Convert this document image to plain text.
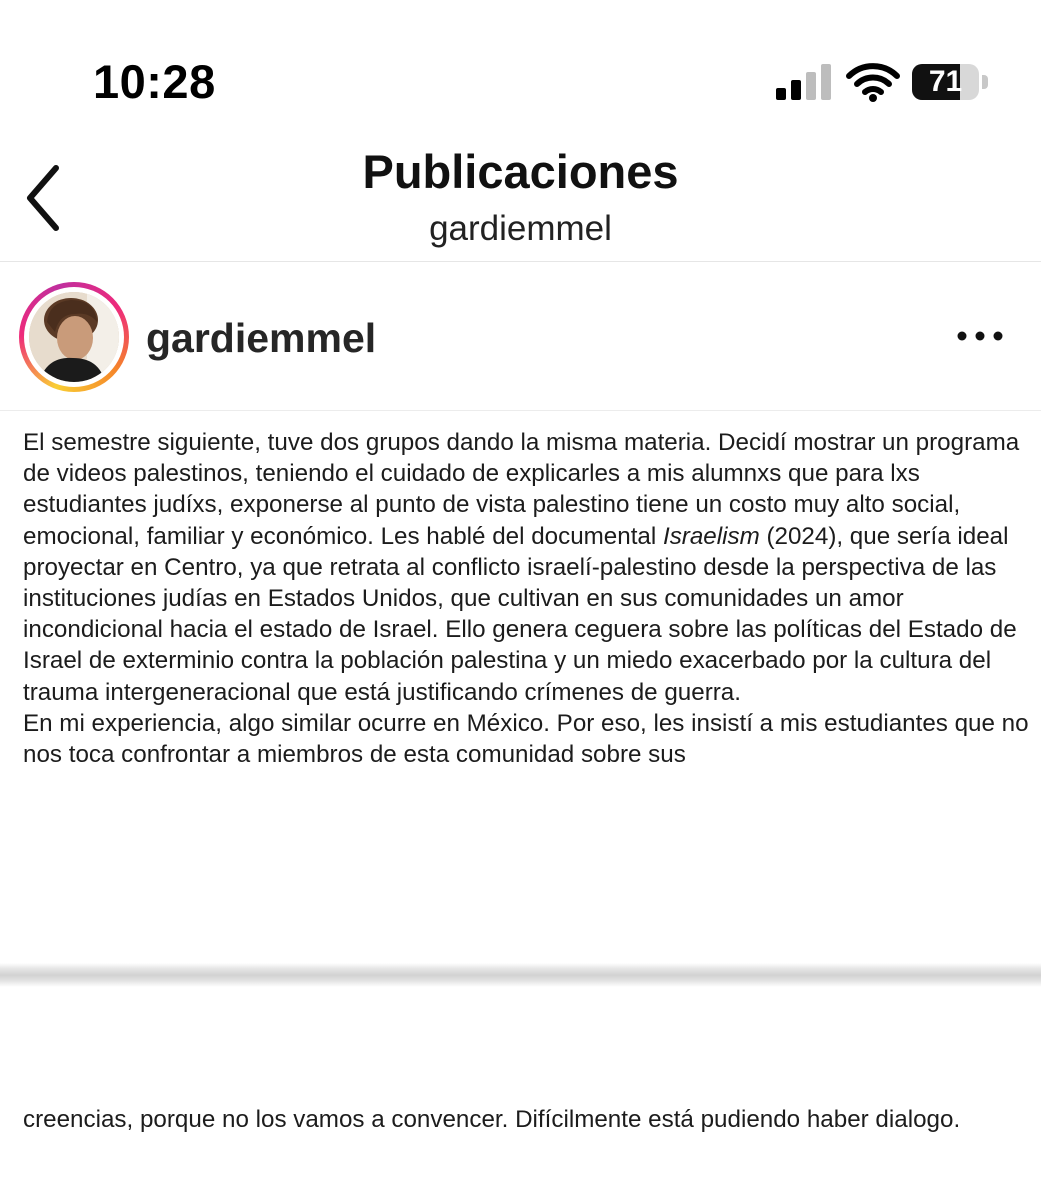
10:28	71
Publicaciones
gardiemmel
gardiemmel

El semestre siguiente, tuve dos grupos dando la misma materia. Decidí mostrar un programa de videos palestinos, teniendo el cuidado de explicarles a mis alumnxs que para lxs estudiantes judíxs, exponerse al punto de vista palestino tiene un costo muy alto social, emocional, familiar y económico. Les hablé del documental Israelism (2024), que sería ideal proyectar en Centro, ya que retrata al conflicto israelí-palestino desde la perspectiva de las instituciones judías en Estados Unidos, que cultivan en sus comunidades un amor incondicional hacia el estado de Israel. Ello genera ceguera sobre las políticas del Estado de Israel de exterminio contra la población palestina y un miedo exacerbado por la cultura del trauma intergeneracional que está justificando crímenes de guerra.

En mi experiencia, algo similar ocurre en México. Por eso, les insistí a mis estudiantes que no nos toca confrontar a miembros de esta comunidad sobre sus

creencias, porque no los vamos a convencer. Difícilmente está pudiendo haber dialogo.
